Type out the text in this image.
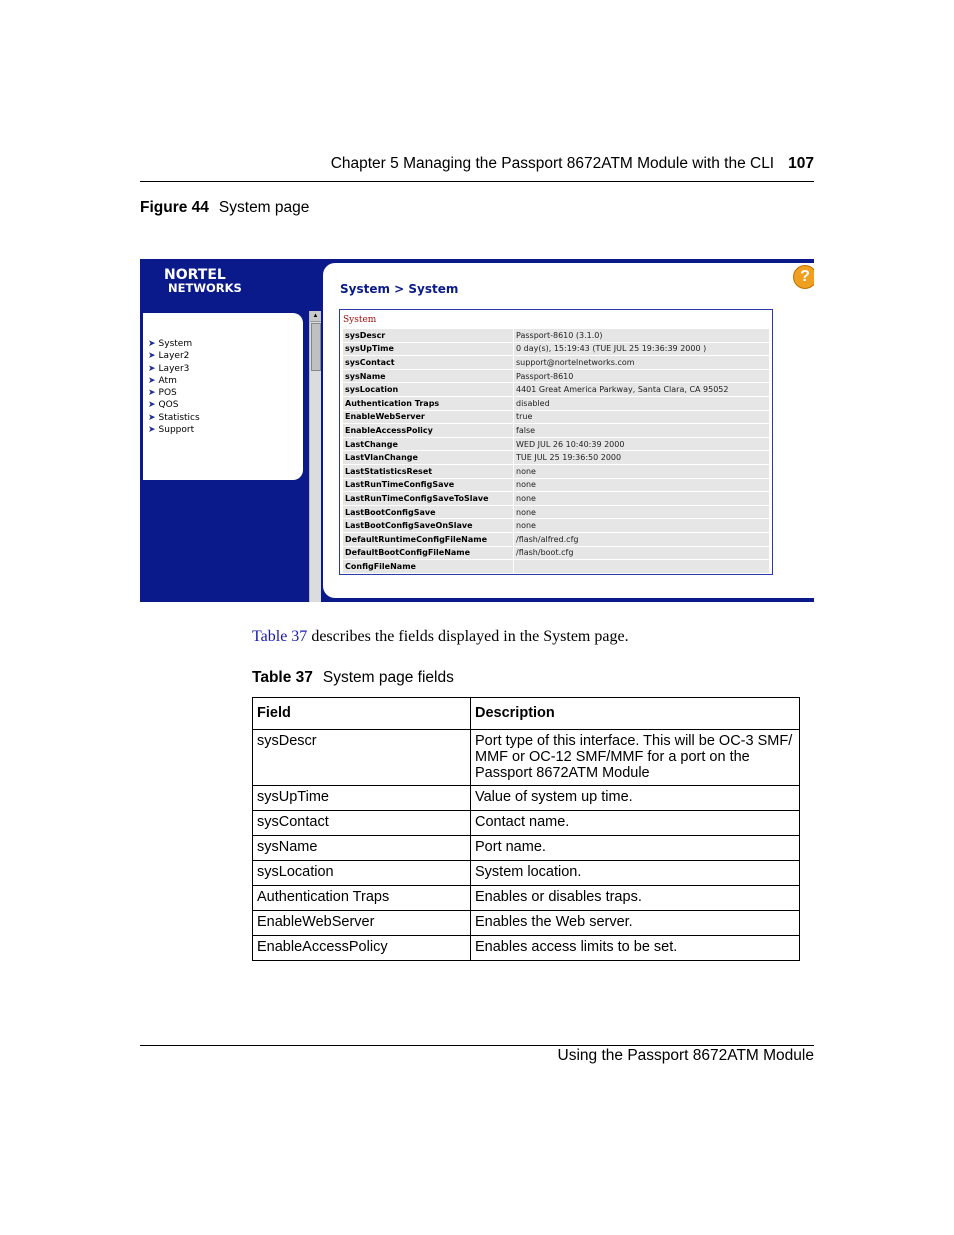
Chapter 5 Managing the Passport 8672ATM Module with the CLI 107
Figure 44 System page
NORTEL
NETWORKS
➤ System
➤ Layer2
➤ Layer3
➤ Atm
➤ POS
➤ QOS
➤ Statistics
➤ Support
▲
System > System
?
System
sysDescr	Passport-8610 (3.1.0)
sysUpTime	0 day(s), 15:19:43 (TUE JUL 25 19:36:39 2000 )
sysContact	support@nortelnetworks.com
sysName	Passport-8610
sysLocation	4401 Great America Parkway, Santa Clara, CA 95052
Authentication Traps	disabled
EnableWebServer	true
EnableAccessPolicy	false
LastChange	WED JUL 26 10:40:39 2000
LastVlanChange	TUE JUL 25 19:36:50 2000
LastStatisticsReset	none
LastRunTimeConfigSave	none
LastRunTimeConfigSaveToSlave	none
LastBootConfigSave	none
LastBootConfigSaveOnSlave	none
DefaultRuntimeConfigFileName	/flash/alfred.cfg
DefaultBootConfigFileName	/flash/boot.cfg
ConfigFileName	
Table 37 describes the fields displayed in the System page.
Table 37 System page fields
Field	Description
sysDescr	Port type of this interface. This will be OC-3 SMF/ MMF or OC-12 SMF/MMF for a port on the Passport 8672ATM Module
sysUpTime	Value of system up time.
sysContact	Contact name.
sysName	Port name.
sysLocation	System location.
Authentication Traps	Enables or disables traps.
EnableWebServer	Enables the Web server.
EnableAccessPolicy	Enables access limits to be set.
Using the Passport 8672ATM Module
